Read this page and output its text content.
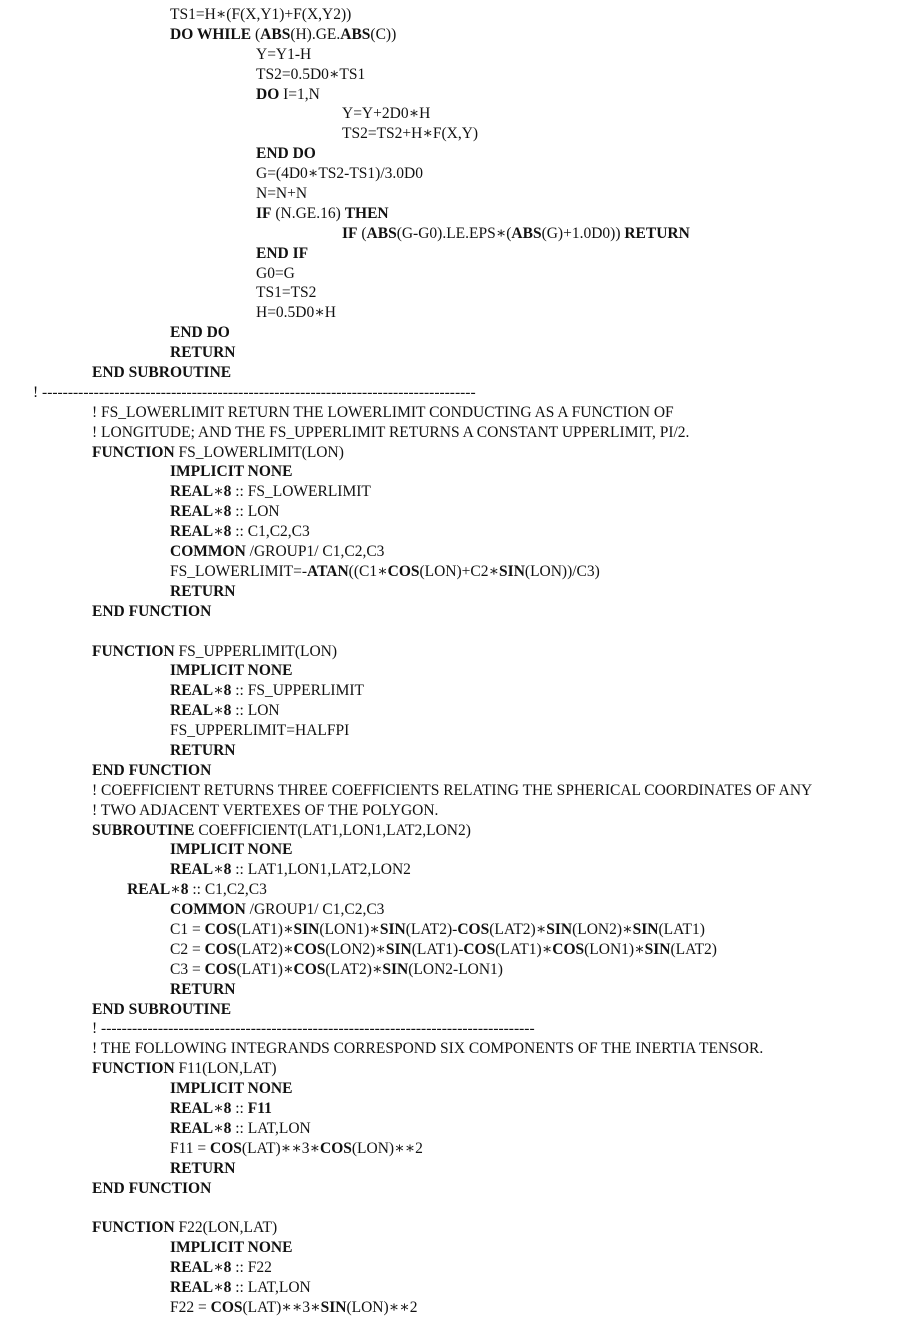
TS1=H∗(F(X,Y1)+F(X,Y2))
DO WHILE (ABS(H).GE.ABS(C))
Y=Y1-H
TS2=0.5D0∗TS1
DO I=1,N
Y=Y+2D0∗H
TS2=TS2+H∗F(X,Y)
END DO
G=(4D0∗TS2-TS1)/3.0D0
N=N+N
IF (N.GE.16) THEN
IF (ABS(G-G0).LE.EPS∗(ABS(G)+1.0D0)) RETURN
END IF
G0=G
TS1=TS2
H=0.5D0∗H
END DO
RETURN
END SUBROUTINE
! ------------------------------------------------------------------------------------
! FS_LOWERLIMIT RETURN THE LOWERLIMIT CONDUCTING AS A FUNCTION OF
! LONGITUDE; AND THE FS_UPPERLIMIT RETURNS A CONSTANT UPPERLIMIT, PI/2.
FUNCTION FS_LOWERLIMIT(LON)
IMPLICIT NONE
REAL∗8 :: FS_LOWERLIMIT
REAL∗8 :: LON
REAL∗8 :: C1,C2,C3
COMMON /GROUP1/ C1,C2,C3
FS_LOWERLIMIT=-ATAN((C1∗COS(LON)+C2∗SIN(LON))/C3)
RETURN
END FUNCTION
FUNCTION FS_UPPERLIMIT(LON)
IMPLICIT NONE
REAL∗8 :: FS_UPPERLIMIT
REAL∗8 :: LON
FS_UPPERLIMIT=HALFPI
RETURN
END FUNCTION
! COEFFICIENT RETURNS THREE COEFFICIENTS RELATING THE SPHERICAL COORDINATES OF ANY
! TWO ADJACENT VERTEXES OF THE POLYGON.
SUBROUTINE COEFFICIENT(LAT1,LON1,LAT2,LON2)
IMPLICIT NONE
REAL∗8 :: LAT1,LON1,LAT2,LON2
REAL∗8 :: C1,C2,C3
COMMON /GROUP1/ C1,C2,C3
C1 = COS(LAT1)∗SIN(LON1)∗SIN(LAT2)-COS(LAT2)∗SIN(LON2)∗SIN(LAT1)
C2 = COS(LAT2)∗COS(LON2)∗SIN(LAT1)-COS(LAT1)∗COS(LON1)∗SIN(LAT2)
C3 = COS(LAT1)∗COS(LAT2)∗SIN(LON2-LON1)
RETURN
END SUBROUTINE
! ------------------------------------------------------------------------------------
! THE FOLLOWING INTEGRANDS CORRESPOND SIX COMPONENTS OF THE INERTIA TENSOR.
FUNCTION F11(LON,LAT)
IMPLICIT NONE
REAL∗8 :: F11
REAL∗8 :: LAT,LON
F11 = COS(LAT)∗∗3∗COS(LON)∗∗2
RETURN
END FUNCTION
FUNCTION F22(LON,LAT)
IMPLICIT NONE
REAL∗8 :: F22
REAL∗8 :: LAT,LON
F22 = COS(LAT)∗∗3∗SIN(LON)∗∗2
